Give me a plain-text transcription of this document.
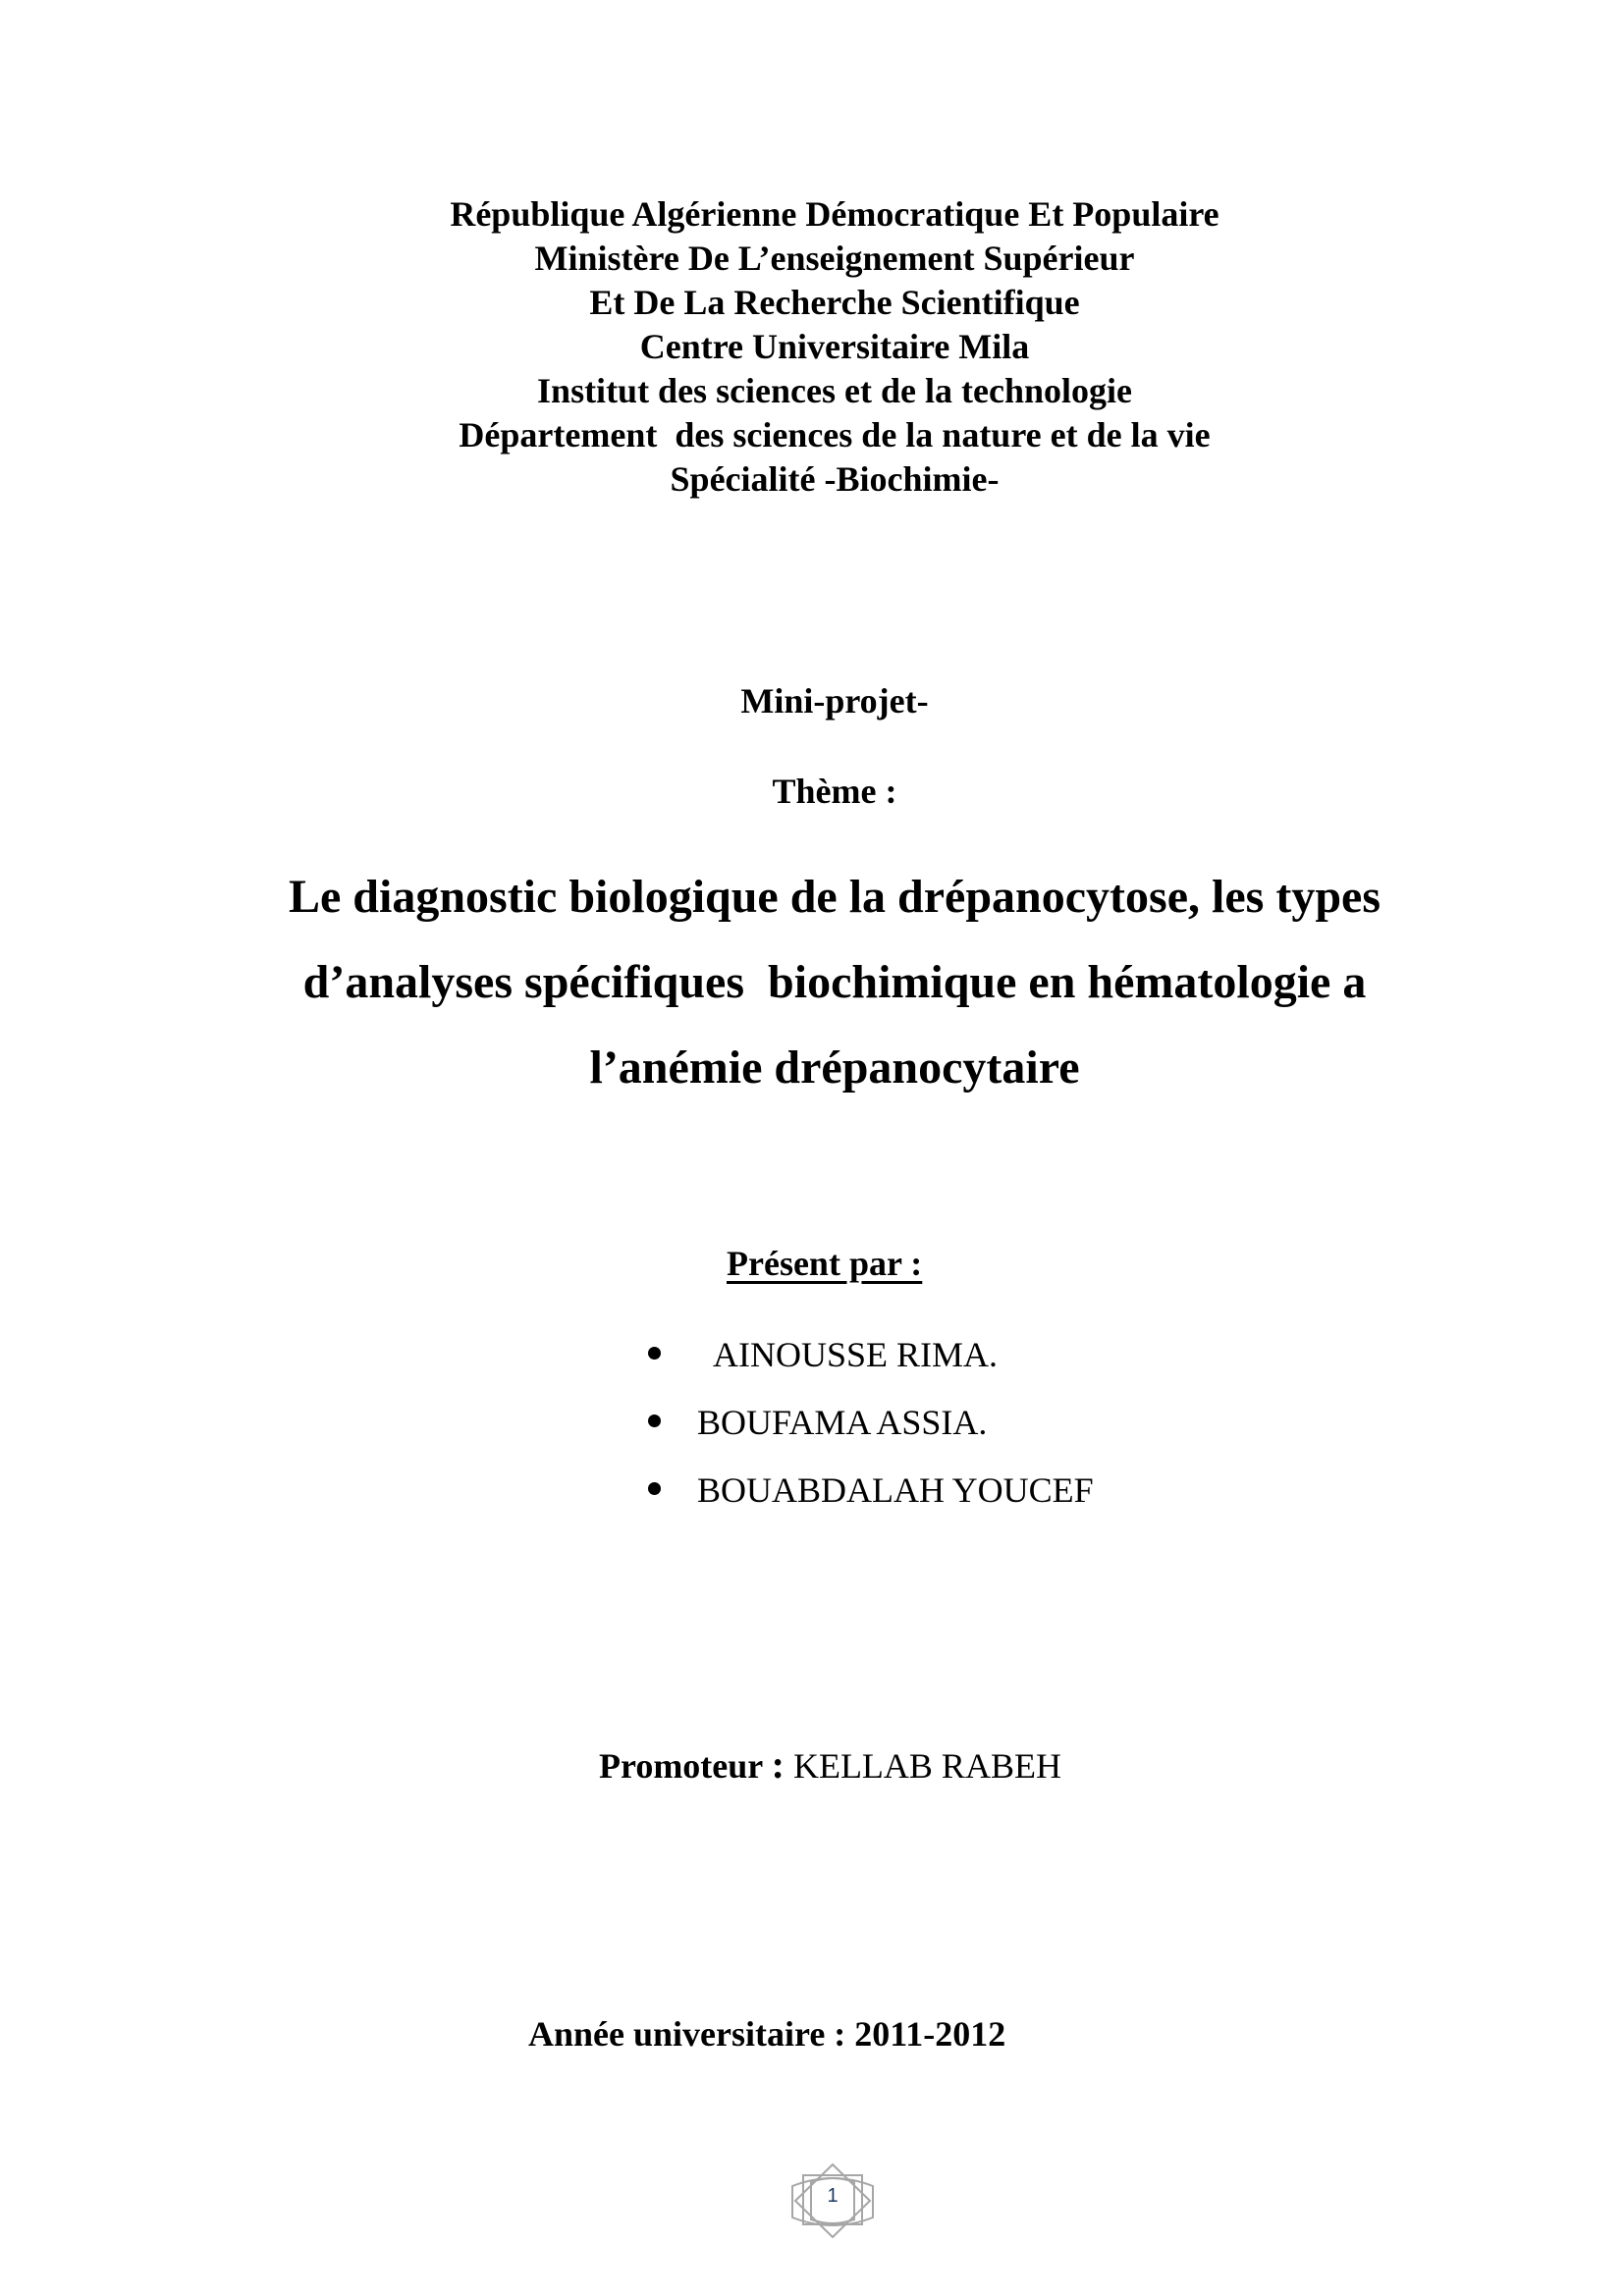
République Algérienne Démocratique Et Populaire
Ministère De L’enseignement Supérieur
Et De La Recherche Scientifique
Centre Universitaire Mila
Institut des sciences et de la technologie
Département  des sciences de la nature et de la vie
Spécialité -Biochimie-
Mini-projet-
Thème :
Le diagnostic biologique de la drépanocytose, les types
d’analyses spécifiques  biochimique en hématologie a
l’anémie drépanocytaire
Présent par :

AINOUSSE RIMA.

BOUFAMA ASSIA.

BOUABDALAH YOUCEF

Promoteur : KELLAB RABEH

Année universitaire : 2011-2012
1
